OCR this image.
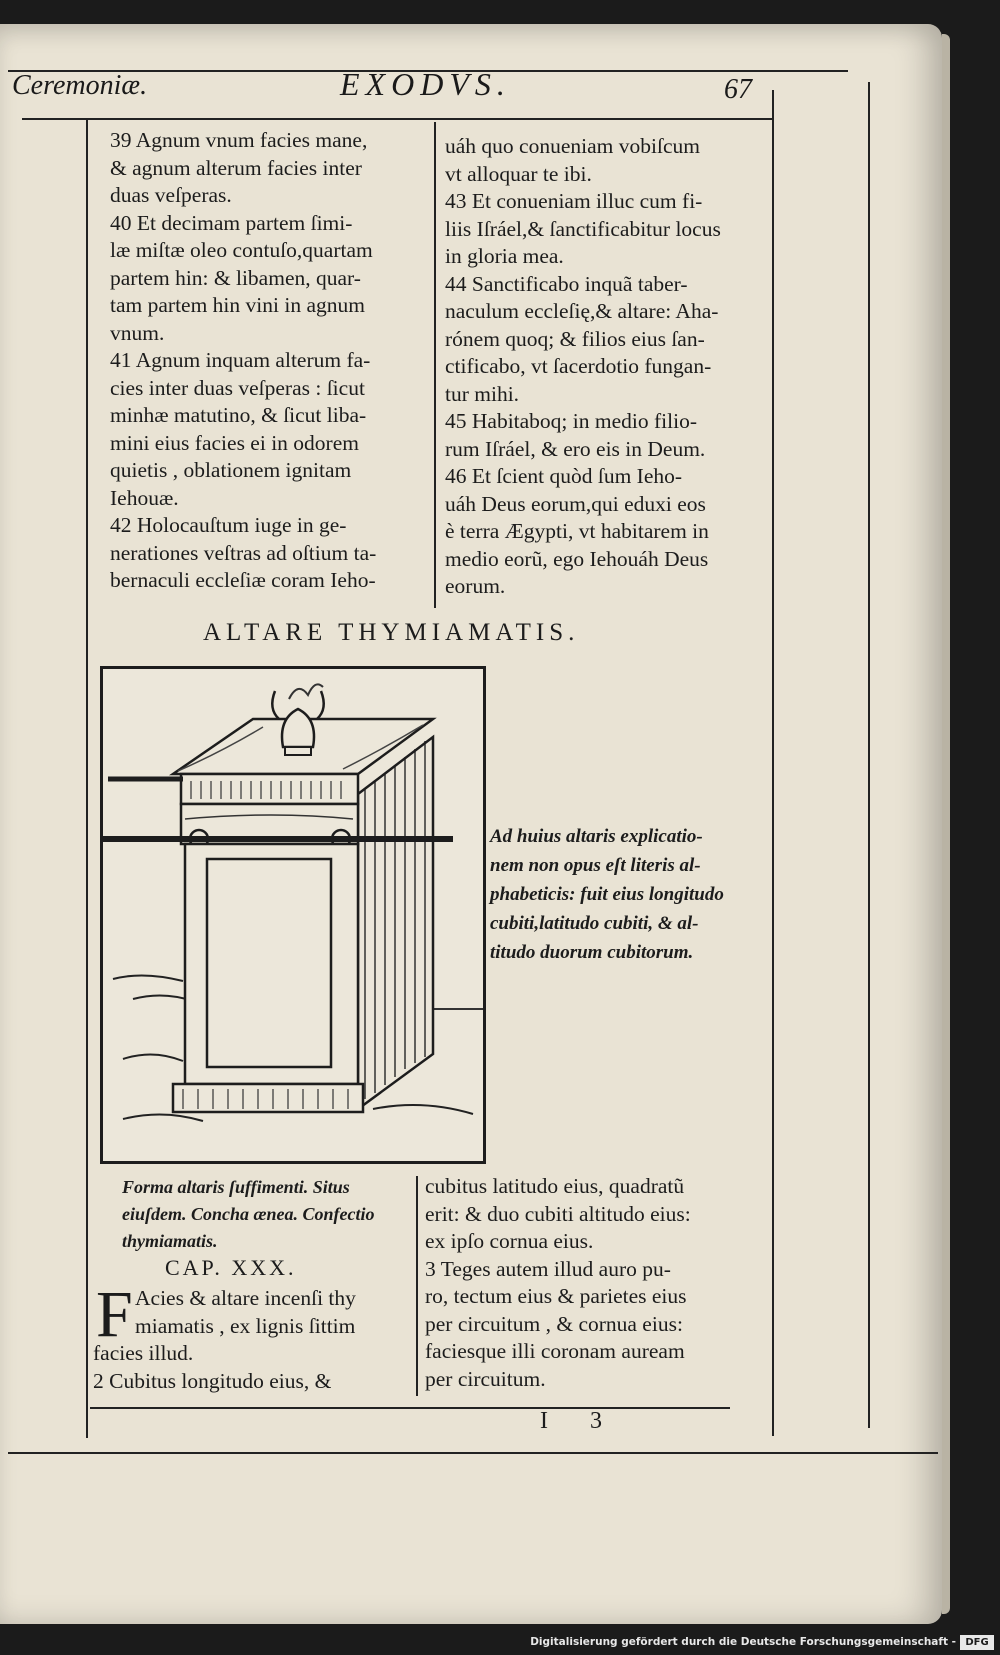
Ceremoniæ.	EXODVS.	67

39 Agnum vnum facies mane,

& agnum alterum facies inter

duas veſperas.

40 Et decimam partem ſimi-

læ miſtæ oleo contuſo,quartam

partem hin: & libamen, quar-

tam partem hin vini in agnum

vnum.

41 Agnum inquam alterum fa-

cies inter duas veſperas : ſicut

minhæ matutino, & ſicut liba-

mini eius facies ei in odorem

quietis , oblationem ignitam

Iehouæ.

42 Holocauſtum iuge in ge-

nerationes veſtras ad oſtium ta-

bernaculi eccleſiæ coram Ieho-

uáh quo conueniam vobiſcum

vt alloquar te ibi.

43 Et conueniam illuc cum fi-

liis Iſráel,& ſanctificabitur locus

in gloria mea.

44 Sanctificabo inquã taber-

naculum eccleſię,& altare: Aha-

rónem quoq; & filios eius ſan-

ctificabo, vt ſacerdotio fungan-

tur mihi.

45 Habitaboq; in medio filio-

rum Iſráel, & ero eis in Deum.

46 Et ſcient quòd ſum Ieho-

uáh Deus eorum,qui eduxi eos

è terra Ægypti, vt habitarem in

medio eorũ, ego Iehouáh Deus

eorum.

ALTARE THYMIAMATIS.
Ad huius altaris explicatio-
nem non opus eſt literis al-
phabeticis: fuit eius longitudo
cubiti,latitudo cubiti, & al-
titudo duorum cubitorum.
Forma altaris ſuffimenti. Situs
eiuſdem. Concha ænea. Confectio
thymiamatis.
CAP. XXX.
F Acies & altare incenſi thy

miamatis , ex lignis ſittim

facies illud.

2 Cubitus longitudo eius, &

cubitus latitudo eius, quadratũ

erit: & duo cubiti altitudo eius:

ex ipſo cornua eius.

3 Teges autem illud auro pu-

ro, tectum eius & parietes eius

per circuitum , & cornua eius:

faciesque illi coronam auream

per circuitum.

I 3
Digitalisierung gefördert durch die Deutsche Forschungsgemeinschaft - DFG
